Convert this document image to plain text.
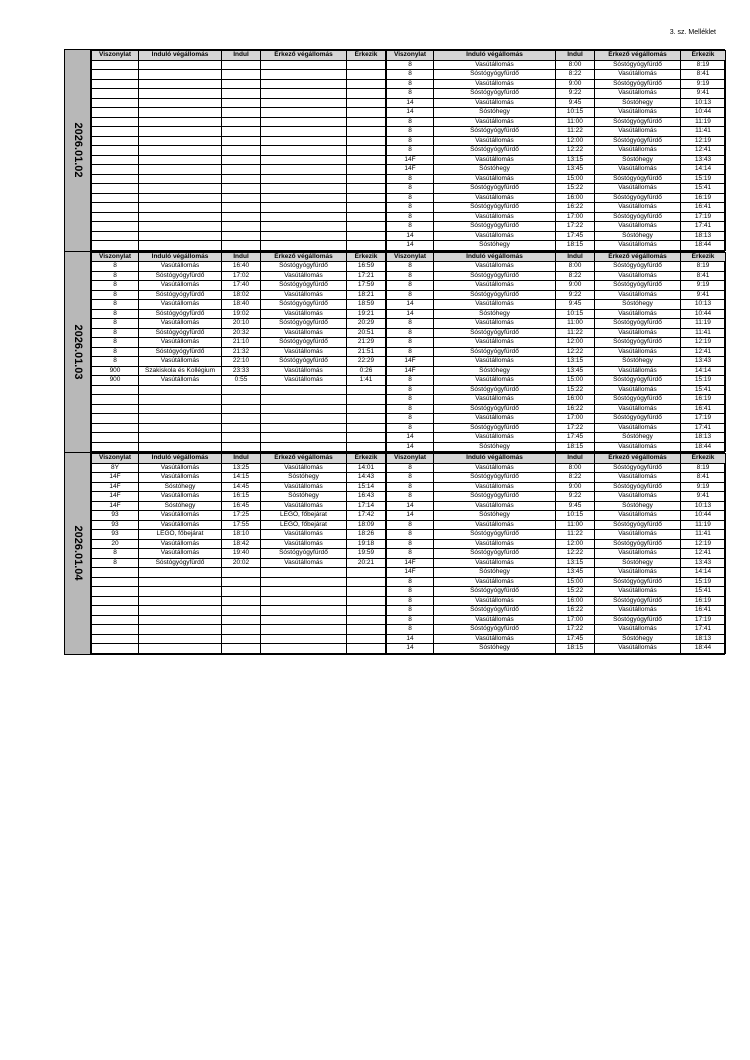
3. sz. Melléklet
2026.01.02
Viszonylat	Induló végállomás	Indul	Érkező végállomás	Érkezik

					Viszonylat	Induló végállomás	Indul	Érkező végállomás	Érkezik
8	Vasútállomás	8:00	Sóstógyógyfürdő	8:19
8	Sóstógyógyfürdő	8:22	Vasútállomás	8:41
8	Vasútállomás	9:00	Sóstógyógyfürdő	9:19
8	Sóstógyógyfürdő	9:22	Vasútállomás	9:41
14	Vasútállomás	9:45	Sóstóhegy	10:13
14	Sóstóhegy	10:15	Vasútállomás	10:44
8	Vasútállomás	11:00	Sóstógyógyfürdő	11:19
8	Sóstógyógyfürdő	11:22	Vasútállomás	11:41
8	Vasútállomás	12:00	Sóstógyógyfürdő	12:19
8	Sóstógyógyfürdő	12:22	Vasútállomás	12:41
14F	Vasútállomás	13:15	Sóstóhegy	13:43
14F	Sóstóhegy	13:45	Vasútállomás	14:14
8	Vasútállomás	15:00	Sóstógyógyfürdő	15:19
8	Sóstógyógyfürdő	15:22	Vasútállomás	15:41
8	Vasútállomás	16:00	Sóstógyógyfürdő	16:19
8	Sóstógyógyfürdő	16:22	Vasútállomás	16:41
8	Vasútállomás	17:00	Sóstógyógyfürdő	17:19
8	Sóstógyógyfürdő	17:22	Vasútállomás	17:41
14	Vasútállomás	17:45	Sóstóhegy	18:13
14	Sóstóhegy	18:15	Vasútállomás	18:44
2026.01.03
Viszonylat	Induló végállomás	Indul	Érkező végállomás	Érkezik
8	Vasútállomás	16:40	Sóstógyógyfürdő	16:59
8	Sóstógyógyfürdő	17:02	Vasútállomás	17:21
8	Vasútállomás	17:40	Sóstógyógyfürdő	17:59
8	Sóstógyógyfürdő	18:02	Vasútállomás	18:21
8	Vasútállomás	18:40	Sóstógyógyfürdő	18:59
8	Sóstógyógyfürdő	19:02	Vasútállomás	19:21
8	Vasútállomás	20:10	Sóstógyógyfürdő	20:29
8	Sóstógyógyfürdő	20:32	Vasútállomás	20:51
8	Vasútállomás	21:10	Sóstógyógyfürdő	21:29
8	Sóstógyógyfürdő	21:32	Vasútállomás	21:51
8	Vasútállomás	22:10	Sóstógyógyfürdő	22:29
900	Szakiskola és Kollégium	23:33	Vasútállomás	0:26
900	Vasútállomás	0:55	Vasútállomás	1:41

Viszonylat	Induló végállomás	Indul	Érkező végállomás	Érkezik
8	Vasútállomás	8:00	Sóstógyógyfürdő	8:19
8	Sóstógyógyfürdő	8:22	Vasútállomás	8:41
8	Vasútállomás	9:00	Sóstógyógyfürdő	9:19
8	Sóstógyógyfürdő	9:22	Vasútállomás	9:41
14	Vasútállomás	9:45	Sóstóhegy	10:13
14	Sóstóhegy	10:15	Vasútállomás	10:44
8	Vasútállomás	11:00	Sóstógyógyfürdő	11:19
8	Sóstógyógyfürdő	11:22	Vasútállomás	11:41
8	Vasútállomás	12:00	Sóstógyógyfürdő	12:19
8	Sóstógyógyfürdő	12:22	Vasútállomás	12:41
14F	Vasútállomás	13:15	Sóstóhegy	13:43
14F	Sóstóhegy	13:45	Vasútállomás	14:14
8	Vasútállomás	15:00	Sóstógyógyfürdő	15:19
8	Sóstógyógyfürdő	15:22	Vasútállomás	15:41
8	Vasútállomás	16:00	Sóstógyógyfürdő	16:19
8	Sóstógyógyfürdő	16:22	Vasútállomás	16:41
8	Vasútállomás	17:00	Sóstógyógyfürdő	17:19
8	Sóstógyógyfürdő	17:22	Vasútállomás	17:41
14	Vasútállomás	17:45	Sóstóhegy	18:13
14	Sóstóhegy	18:15	Vasútállomás	18:44
2026.01.04
Viszonylat	Induló végállomás	Indul	Érkező végállomás	Érkezik
8Y	Vasútállomás	13:25	Vasútállomás	14:01
14F	Vasútállomás	14:15	Sóstóhegy	14:43
14F	Sóstóhegy	14:45	Vasútállomás	15:14
14F	Vasútállomás	16:15	Sóstóhegy	16:43
14F	Sóstóhegy	16:45	Vasútállomás	17:14
93	Vasútállomás	17:25	LEGO, főbejárat	17:42
93	Vasútállomás	17:55	LEGO, főbejárat	18:09
93	LEGO, főbejárat	18:10	Vasútállomás	18:26
20	Vasútállomás	18:42	Vasútállomás	19:18
8	Vasútállomás	19:40	Sóstógyógyfürdő	19:59
8	Sóstógyógyfürdő	20:02	Vasútállomás	20:21

Viszonylat	Induló végállomás	Indul	Érkező végállomás	Érkezik
8	Vasútállomás	8:00	Sóstógyógyfürdő	8:19
8	Sóstógyógyfürdő	8:22	Vasútállomás	8:41
8	Vasútállomás	9:00	Sóstógyógyfürdő	9:19
8	Sóstógyógyfürdő	9:22	Vasútállomás	9:41
14	Vasútállomás	9:45	Sóstóhegy	10:13
14	Sóstóhegy	10:15	Vasútállomás	10:44
8	Vasútállomás	11:00	Sóstógyógyfürdő	11:19
8	Sóstógyógyfürdő	11:22	Vasútállomás	11:41
8	Vasútállomás	12:00	Sóstógyógyfürdő	12:19
8	Sóstógyógyfürdő	12:22	Vasútállomás	12:41
14F	Vasútállomás	13:15	Sóstóhegy	13:43
14F	Sóstóhegy	13:45	Vasútállomás	14:14
8	Vasútállomás	15:00	Sóstógyógyfürdő	15:19
8	Sóstógyógyfürdő	15:22	Vasútállomás	15:41
8	Vasútállomás	16:00	Sóstógyógyfürdő	16:19
8	Sóstógyógyfürdő	16:22	Vasútállomás	16:41
8	Vasútállomás	17:00	Sóstógyógyfürdő	17:19
8	Sóstógyógyfürdő	17:22	Vasútállomás	17:41
14	Vasútállomás	17:45	Sóstóhegy	18:13
14	Sóstóhegy	18:15	Vasútállomás	18:44
